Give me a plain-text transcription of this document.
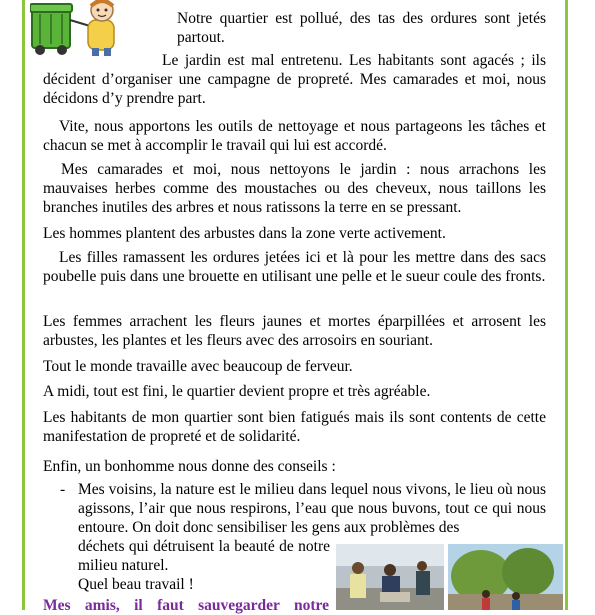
Notre quartier est pollué, des tas des ordures sont jetés partout.

Le jardin est mal entretenu. Les habitants sont agacés ; ils décident d’organiser une campagne de propreté. Mes camarades et moi, nous décidons d’y prendre part.

Vite, nous apportons les outils de nettoyage et nous partageons les tâches et chacun se met à accomplir le travail qui lui est accordé.

Mes camarades et moi, nous nettoyons le jardin : nous arrachons les mauvaises herbes comme des moustaches ou des cheveux, nous taillons les branches inutiles des arbres et nous ratissons la terre en se pressant.

Les hommes plantent des arbustes dans la zone verte activement.

Les filles ramassent les ordures jetées ici et là pour les mettre dans des sacs poubelle puis dans une brouette en utilisant une pelle et le sueur coule des fronts.

Les femmes arrachent les fleurs jaunes et mortes éparpillées et arrosent les arbustes, les plantes et les fleurs avec des arrosoirs en souriant.

Tout le monde travaille avec beaucoup de ferveur.

A midi, tout est fini, le quartier devient propre et très agréable.

Les habitants de mon quartier sont bien fatigués mais ils sont contents de cette manifestation de propreté et de solidarité.

Enfin, un bonhomme nous donne des conseils :

- Mes voisins, la nature est le milieu dans lequel nous vivons, le lieu où nous agissons, l’air que nous respirons, l’eau que nous buvons, tout ce qui nous entoure. On doit donc sensibiliser les gens aux problèmes des
déchets qui détruisent la beauté de notre milieu naturel.
Quel beau travail !
Mes amis, il faut sauvegarder notre
